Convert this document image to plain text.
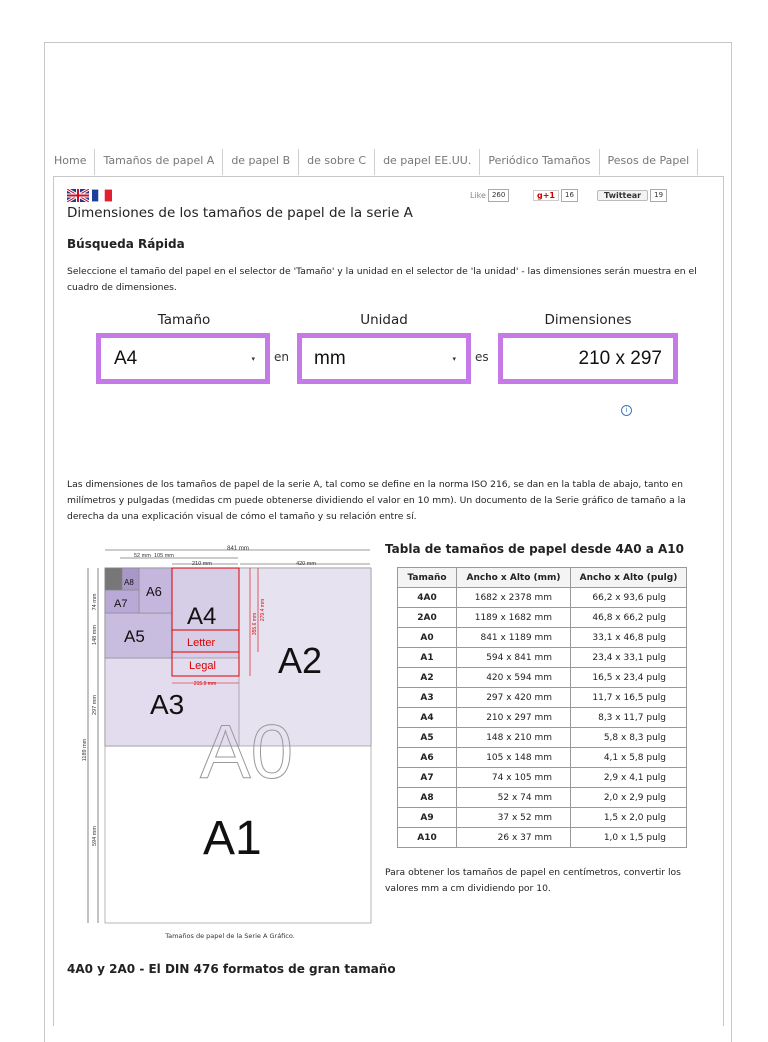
Home	Tamaños de papel A	de papel B	de sobre C	de papel EE.UU.	Periódico Tamaños	Pesos de Papel
Like 260	g+1	16	Twittear	19
Dimensiones de los tamaños de papel de la serie A
Búsqueda Rápida

Seleccione el tamaño del papel en el selector de 'Tamaño' y la unidad en el selector de 'la unidad' - las dimensiones serán muestra en el cuadro de dimensiones.

Tamaño	Unidad	Dimensiones
A4	▾ en mm	▾ es	210 x 297
i

Las dimensiones de los tamaños de papel de la serie A, tal como se define en la norma ISO 216, se dan en la tabla de abajo, tanto en milímetros y pulgadas (medidas cm puede obtenerse dividiendo el valor en 10 mm). Un documento de la Serie gráfico de tamaño a la derecha da una explicación visual de cómo el tamaño y su relación entre sí.

841 mm
52 mm 105 mm
210 mm	420 mm
215.9 mm
279.4 mm
355.6 mm
1189 mm
74 mm
148 mm
297 mm
594 mm
A8
A6
A7
A5
A4
Letter
Legal A2
A3
A0
A1
Tamaños de papel de la Serie A Gráfico.
Tabla de tamaños de papel desde 4A0 a A10
Tamaño	Ancho x Alto (mm)	Ancho x Alto (pulg)
4A0	1682 x 2378 mm	66,2 x 93,6 pulg
2A0	1189 x 1682 mm	46,8 x 66,2 pulg
A0	841 x 1189 mm	33,1 x 46,8 pulg
A1	594 x 841 mm	23,4 x 33,1 pulg
A2	420 x 594 mm	16,5 x 23,4 pulg
A3	297 x 420 mm	11,7 x 16,5 pulg
A4	210 x 297 mm	8,3 x 11,7 pulg
A5	148 x 210 mm	5,8 x 8,3 pulg
A6	105 x 148 mm	4,1 x 5,8 pulg
A7	74 x 105 mm	2,9 x 4,1 pulg
A8	52 x 74 mm	2,0 x 2,9 pulg
A9	37 x 52 mm	1,5 x 2,0 pulg
A10	26 x 37 mm	1,0 x 1,5 pulg

Para obtener los tamaños de papel en centímetros, convertir los valores mm a cm dividiendo por 10.

4A0 y 2A0 - El DIN 476 formatos de gran tamaño
